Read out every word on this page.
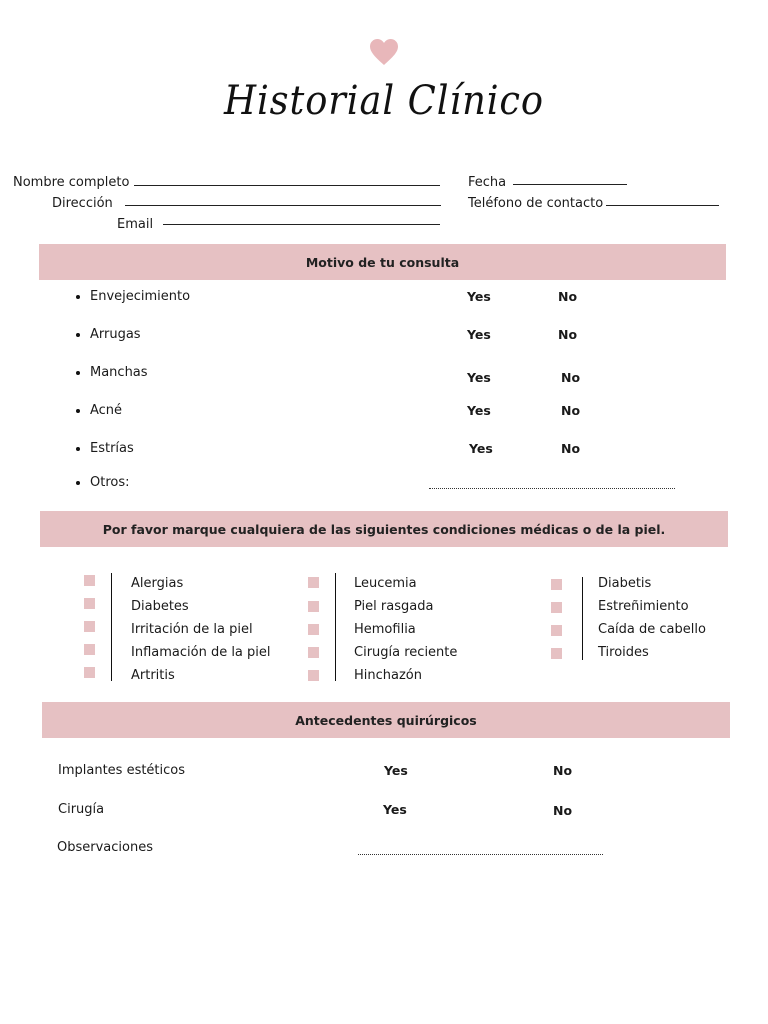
Historial Clínico
Nombre completo
Dirección
Email
Fecha
Teléfono de contacto
Motivo de tu consulta
Envejecimiento	Yes	No
Arrugas	Yes	No
Manchas	Yes	No
Acné	Yes	No
Estrías	Yes	No
Otros:
Por favor marque cualquiera de las siguientes condiciones médicas o de la piel.
Alergias
Diabetes
Irritación de la piel
Inflamación de la piel
Artritis
Leucemia
Piel rasgada
Hemofilia
Cirugía reciente
Hinchazón
Diabetis
Estreñimiento
Caída de cabello
Tiroides
Antecedentes quirúrgicos
Implantes estéticos	Yes	No
Cirugía	Yes	No
Observaciones
